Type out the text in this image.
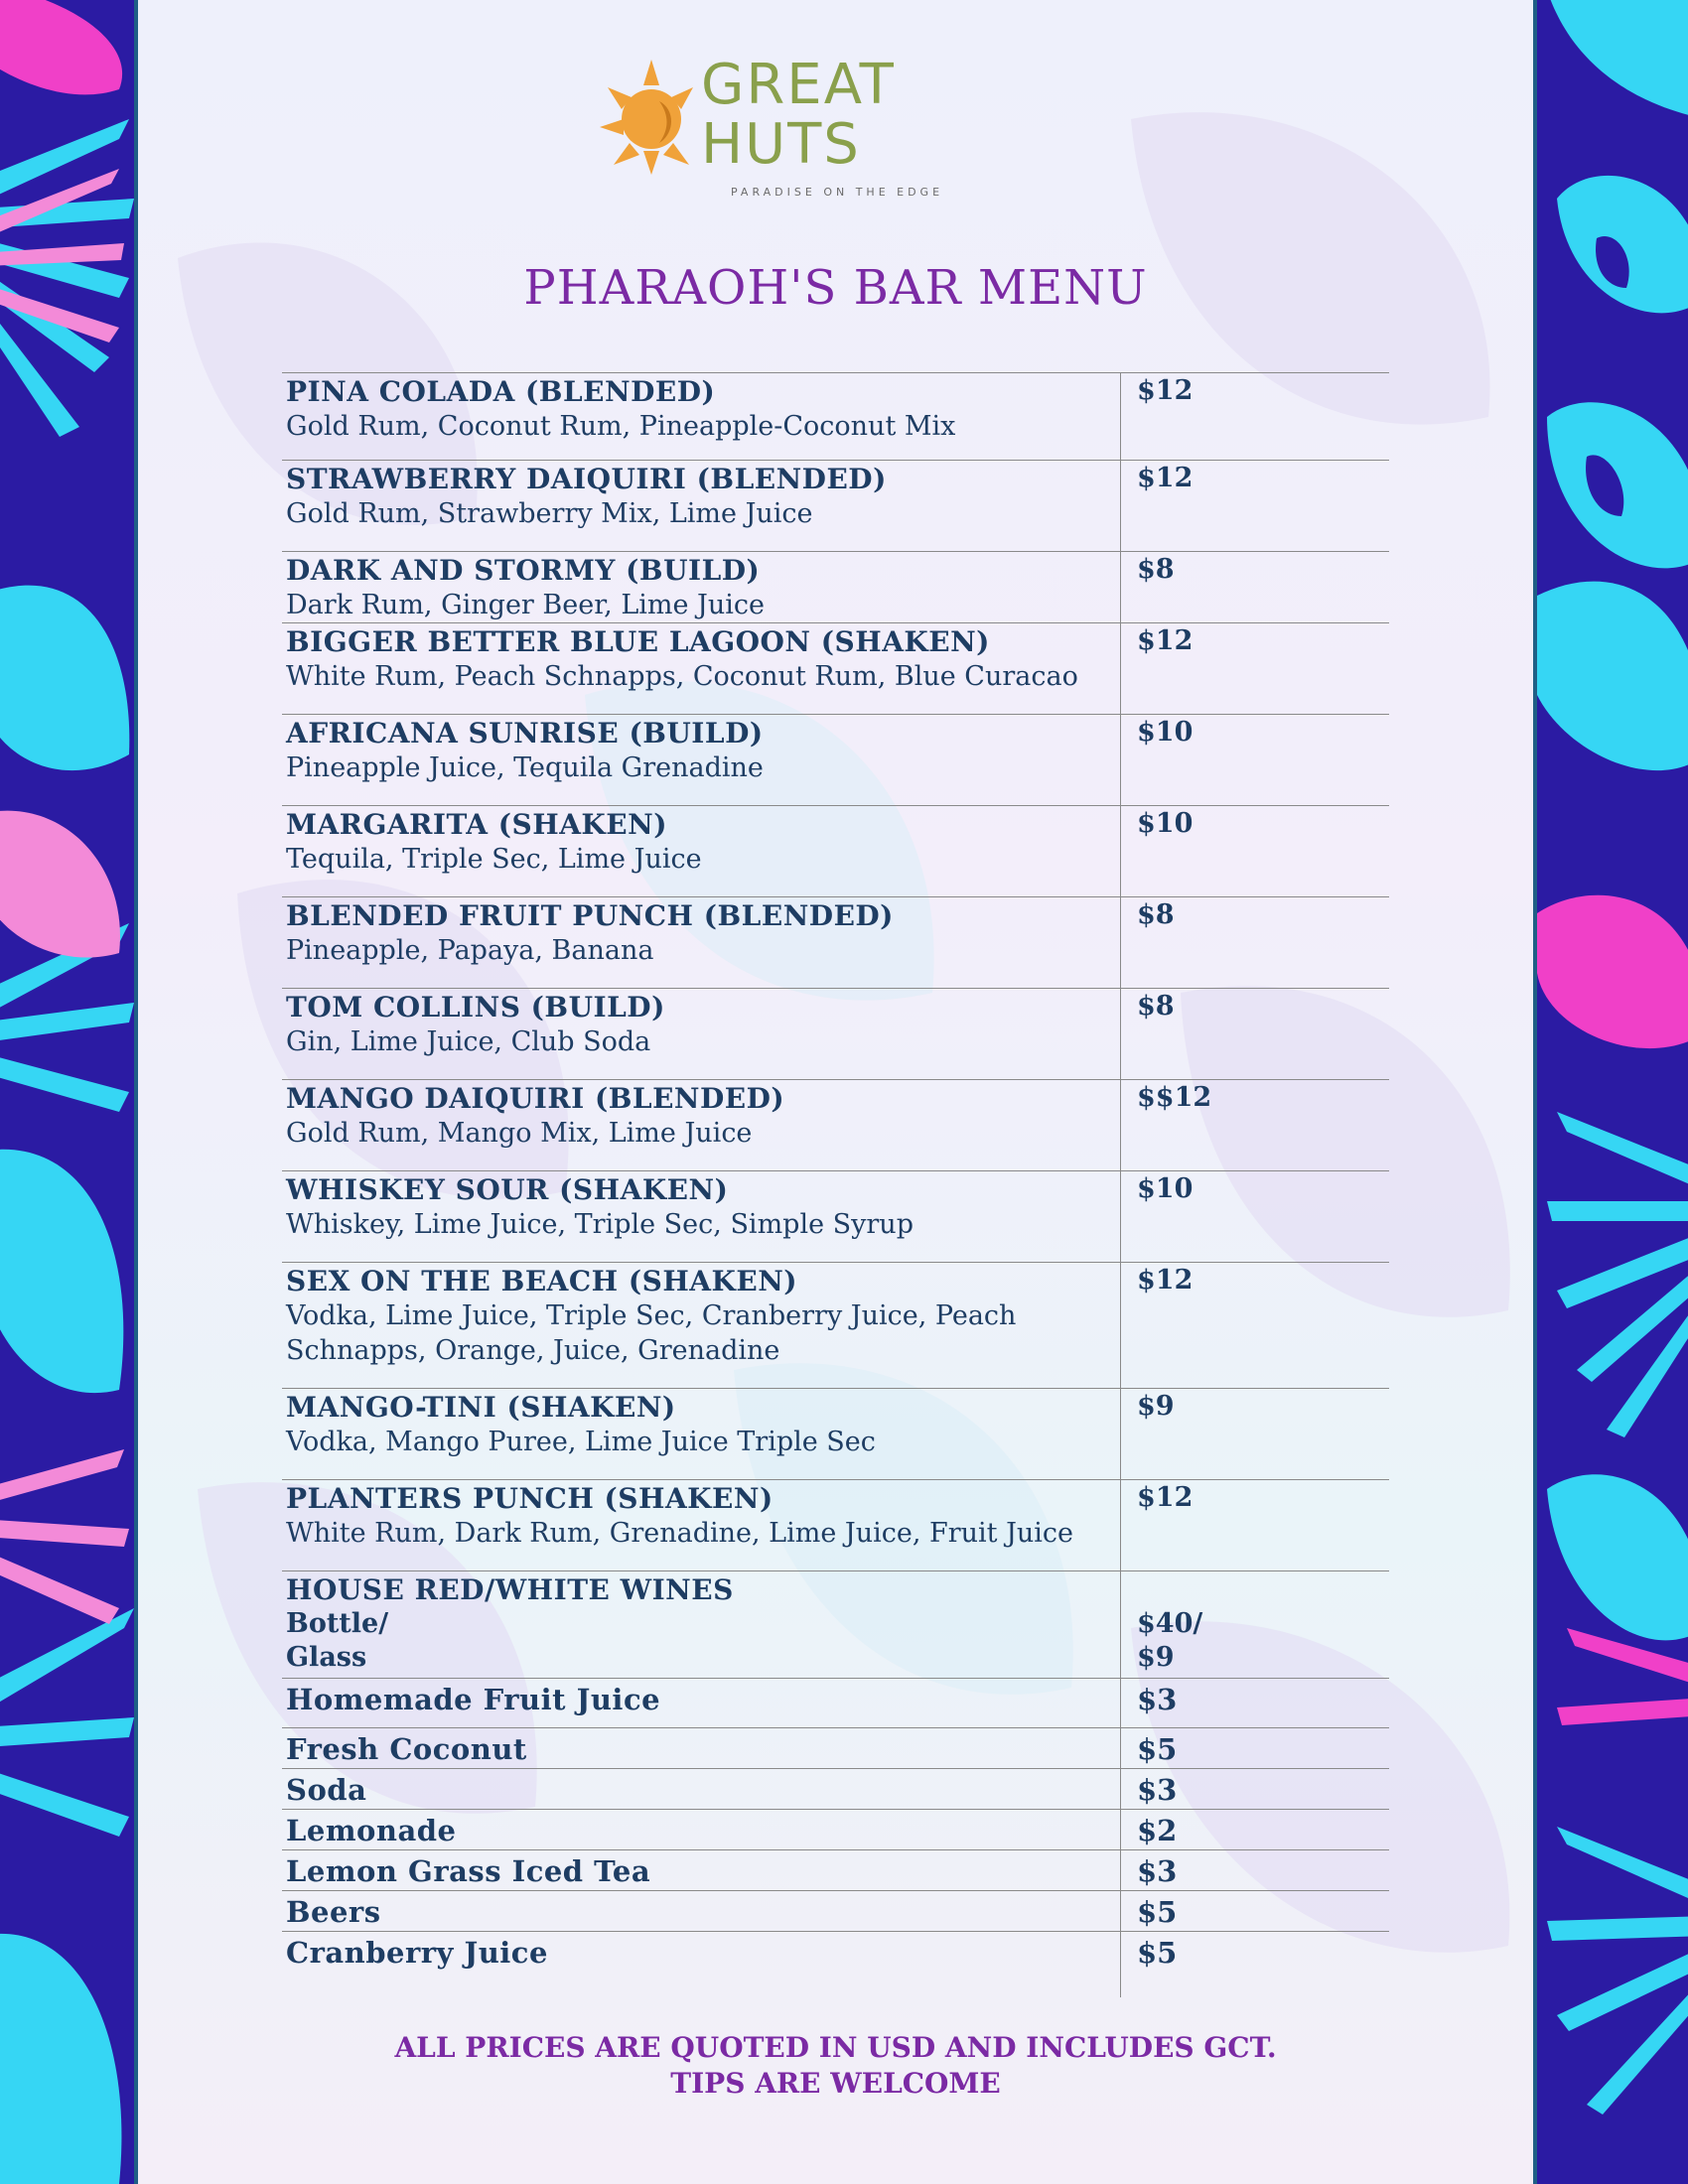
GREAT
HUTS
PARADISE ON THE EDGE
PHARAOH'S BAR MENU
PINA COLADA (BLENDED)
Gold Rum, Coconut Rum, Pineapple-Coconut Mix	$12

STRAWBERRY DAIQUIRI (BLENDED)
Gold Rum, Strawberry Mix, Lime Juice	$12

DARK AND STORMY (BUILD)
Dark Rum, Ginger Beer, Lime Juice	$8

BIGGER BETTER BLUE LAGOON (SHAKEN)
White Rum, Peach Schnapps, Coconut Rum, Blue Curacao	$12

AFRICANA SUNRISE (BUILD)
Pineapple Juice, Tequila Grenadine	$10

MARGARITA (SHAKEN)
Tequila, Triple Sec, Lime Juice	$10

BLENDED FRUIT PUNCH (BLENDED)
Pineapple, Papaya, Banana	$8

TOM COLLINS (BUILD)
Gin, Lime Juice, Club Soda	$8

MANGO DAIQUIRI (BLENDED)
Gold Rum, Mango Mix, Lime Juice	$$12

WHISKEY SOUR (SHAKEN)
Whiskey, Lime Juice, Triple Sec, Simple Syrup	$10

SEX ON THE BEACH (SHAKEN)
Vodka, Lime Juice, Triple Sec, Cranberry Juice, Peach
Schnapps, Orange, Juice, Grenadine	$12

MANGO-TINI (SHAKEN)
Vodka, Mango Puree, Lime Juice Triple Sec	$9

PLANTERS PUNCH (SHAKEN)
White Rum, Dark Rum, Grenadine, Lime Juice, Fruit Juice	$12

HOUSE RED/WHITE WINES
Bottle/
Glass	$40/
$9

Homemade Fruit Juice	$3

Fresh Coconut	$5

Soda	$3

Lemonade	$2

Lemon Grass Iced Tea	$3

Beers	$5

Cranberry Juice	$5
ALL PRICES ARE QUOTED IN USD AND INCLUDES GCT.
TIPS ARE WELCOME
